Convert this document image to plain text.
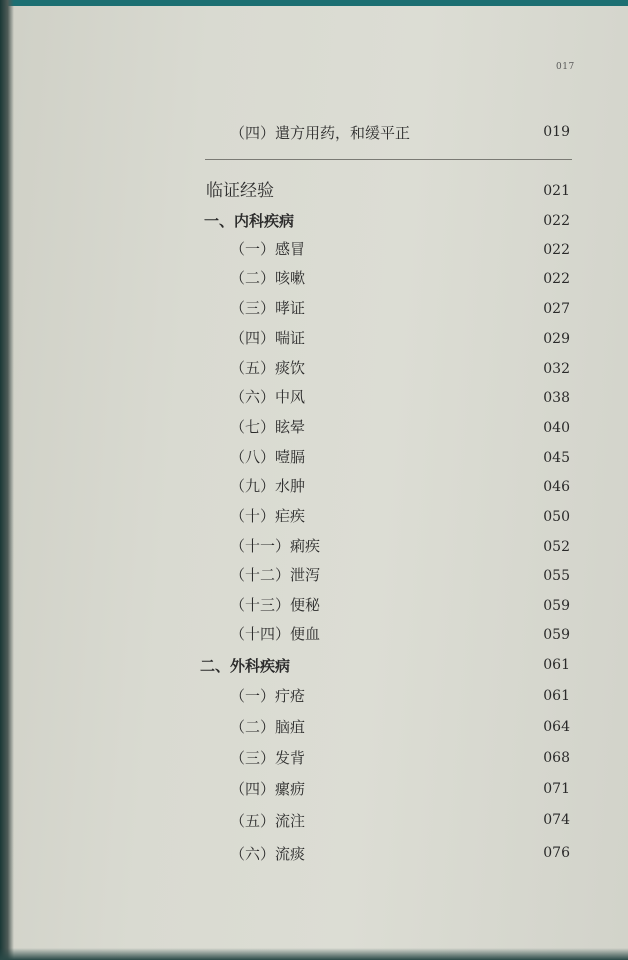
017
（四）遣方用药，和缓平正	019
临证经验	021
一、内科疾病	022
（一）感冒	022
（二）咳嗽	022
（三）哮证	027
（四）喘证	029
（五）痰饮	032
（六）中风	038
（七）眩晕	040
（八）噎膈	045
（九）水肿	046
（十）疟疾	050
（十一）痢疾	052
（十二）泄泻	055
（十三）便秘	059
（十四）便血	059
二、外科疾病	061
（一）疔疮	061
（二）脑疽	064
（三）发背	068
（四）瘰疬	071
（五）流注	074
（六）流痰	076
